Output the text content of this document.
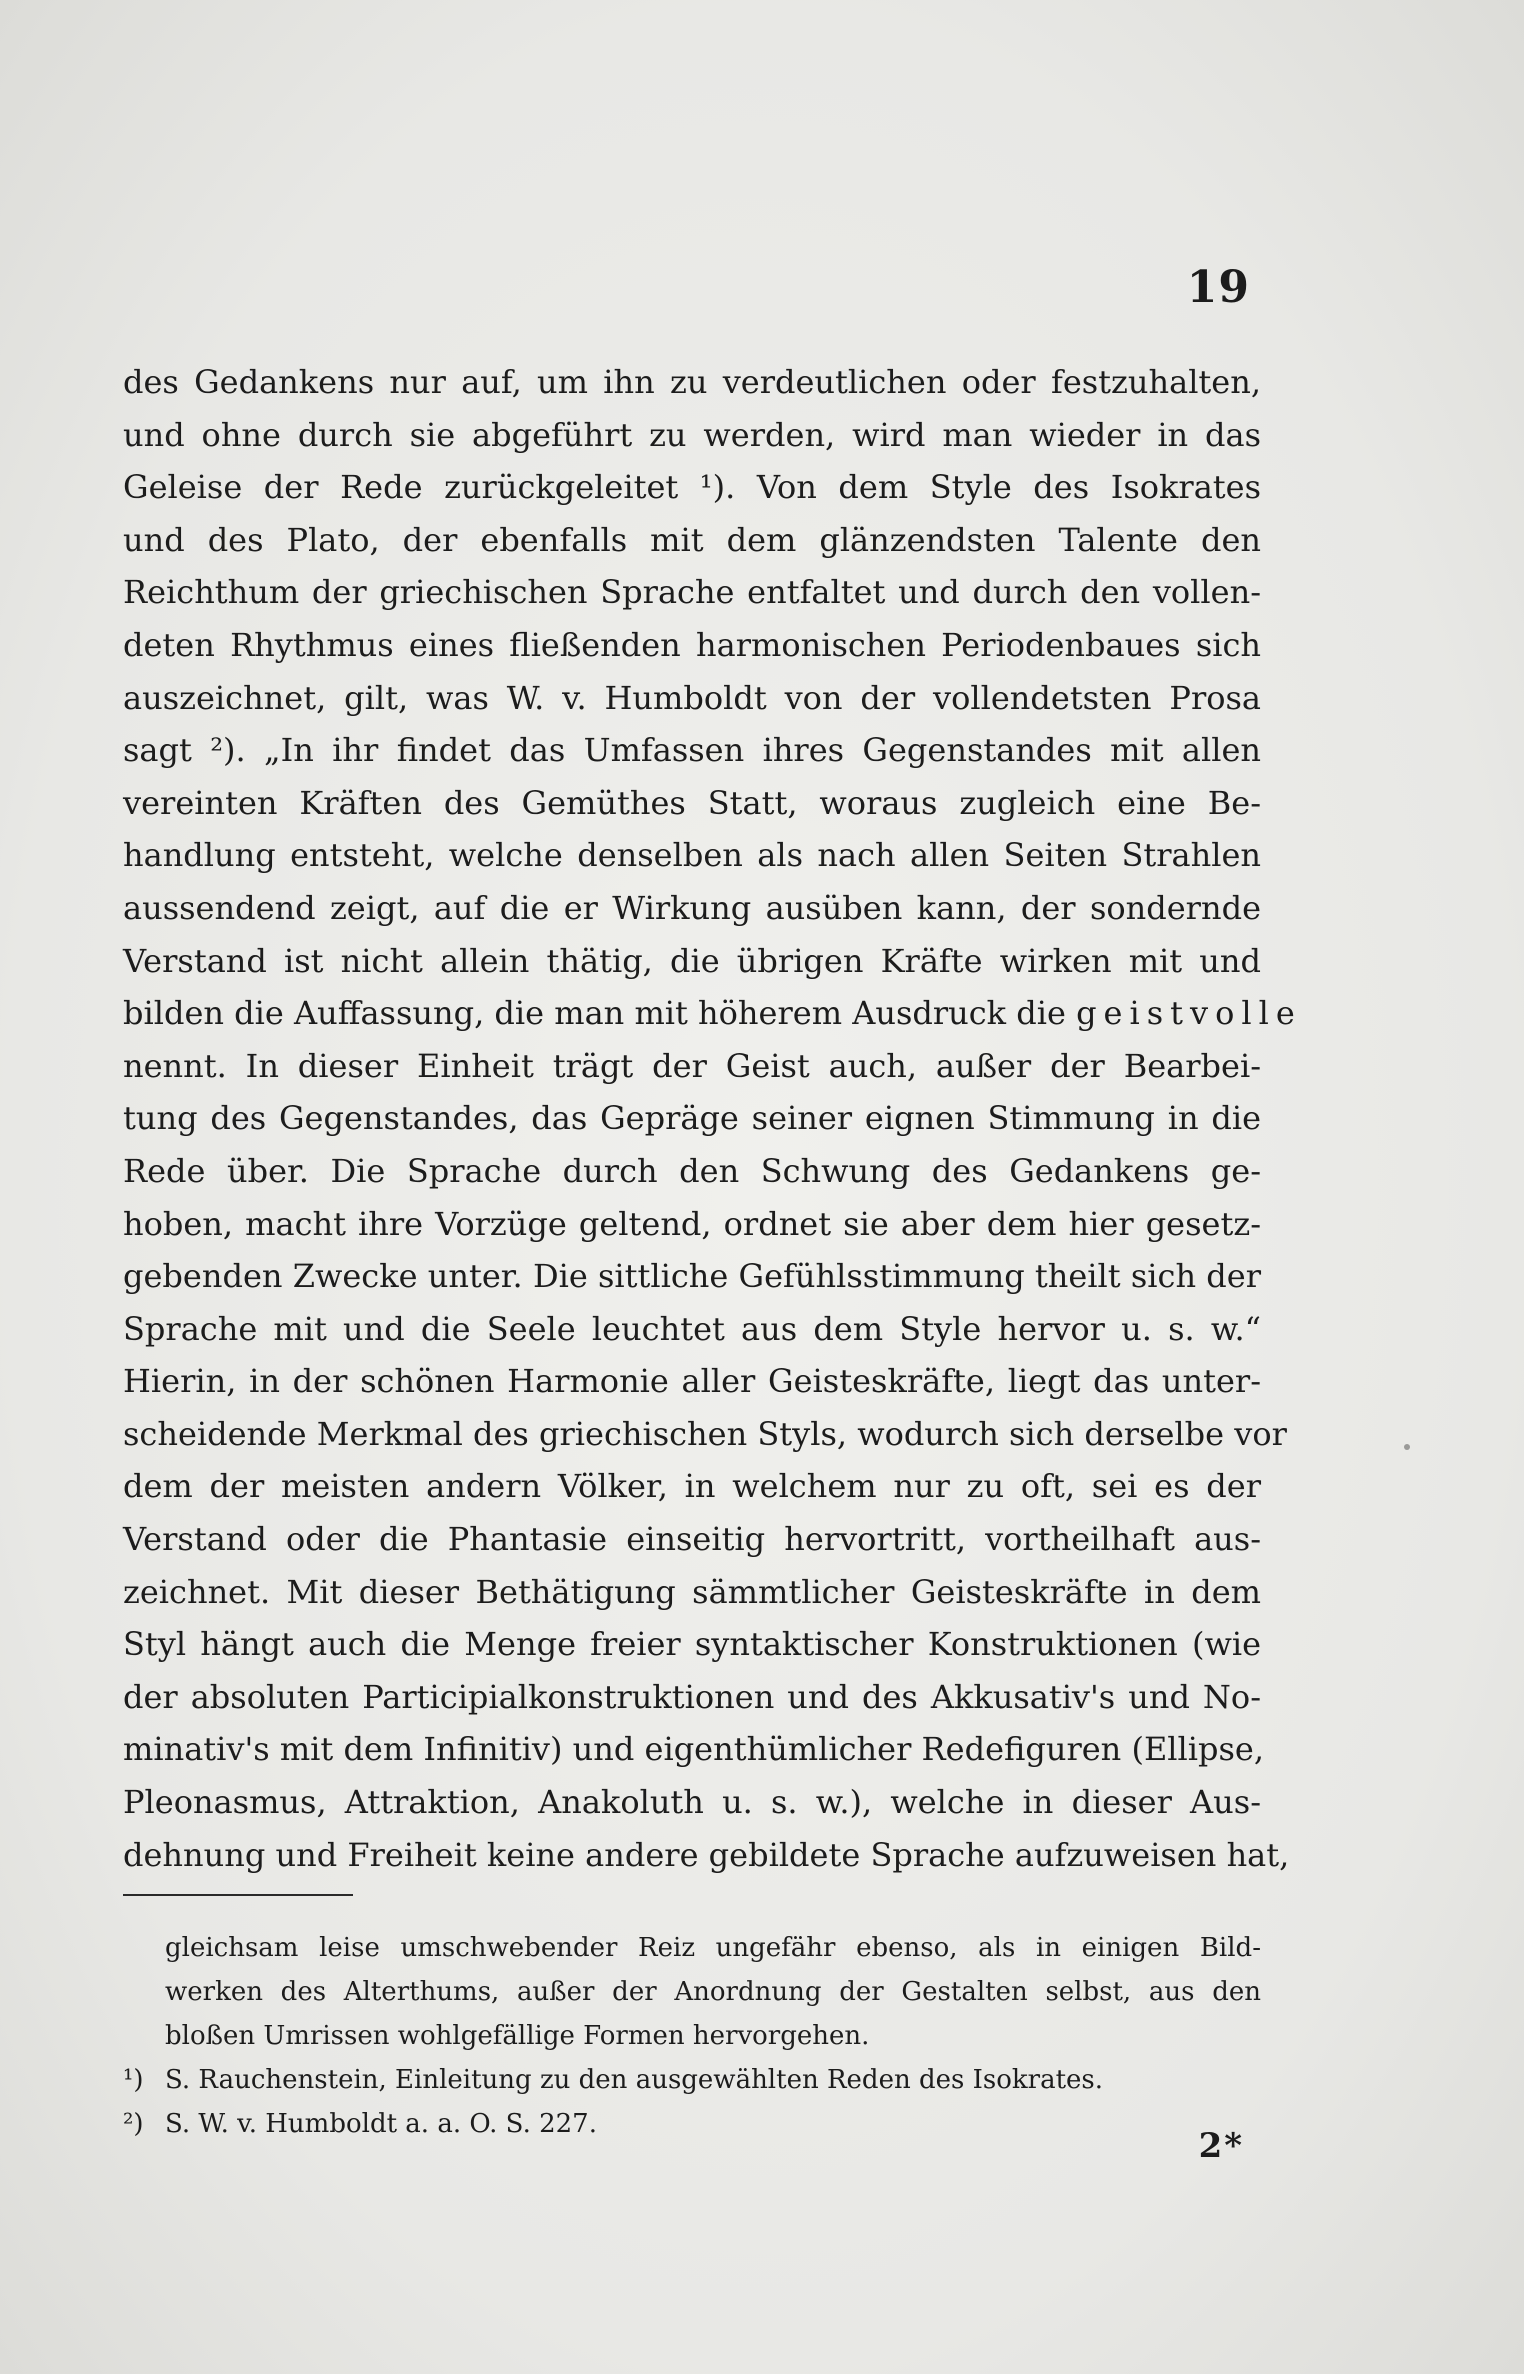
19
des Gedankens nur auf, um ihn zu verdeutlichen oder festzuhalten,
und ohne durch sie abgeführt zu werden, wird man wieder in das
Geleise der Rede zurückgeleitet ¹). Von dem Style des Isokrates
und des Plato, der ebenfalls mit dem glänzendsten Talente den
Reichthum der griechischen Sprache entfaltet und durch den vollen-
deten Rhythmus eines fließenden harmonischen Periodenbaues sich
auszeichnet, gilt, was W. v. Humboldt von der vollendetsten Prosa
sagt ²). „In ihr findet das Umfassen ihres Gegenstandes mit allen
vereinten Kräften des Gemüthes Statt, woraus zugleich eine Be-
handlung entsteht, welche denselben als nach allen Seiten Strahlen
aussendend zeigt, auf die er Wirkung ausüben kann, der sondernde
Verstand ist nicht allein thätig, die übrigen Kräfte wirken mit und
bilden die Auffassung, die man mit höherem Ausdruck die geistvolle
nennt. In dieser Einheit trägt der Geist auch, außer der Bearbei-
tung des Gegenstandes, das Gepräge seiner eignen Stimmung in die
Rede über. Die Sprache durch den Schwung des Gedankens ge-
hoben, macht ihre Vorzüge geltend, ordnet sie aber dem hier gesetz-
gebenden Zwecke unter. Die sittliche Gefühlsstimmung theilt sich der
Sprache mit und die Seele leuchtet aus dem Style hervor u. s. w.“
Hierin, in der schönen Harmonie aller Geisteskräfte, liegt das unter-
scheidende Merkmal des griechischen Styls, wodurch sich derselbe vor
dem der meisten andern Völker, in welchem nur zu oft, sei es der
Verstand oder die Phantasie einseitig hervortritt, vortheilhaft aus-
zeichnet. Mit dieser Bethätigung sämmtlicher Geisteskräfte in dem
Styl hängt auch die Menge freier syntaktischer Konstruktionen (wie
der absoluten Participialkonstruktionen und des Akkusativ's und No-
minativ's mit dem Infinitiv) und eigenthümlicher Redefiguren (Ellipse,
Pleonasmus, Attraktion, Anakoluth u. s. w.), welche in dieser Aus-
dehnung und Freiheit keine andere gebildete Sprache aufzuweisen hat,
gleichsam leise umschwebender Reiz ungefähr ebenso, als in einigen Bild-
werken des Alterthums, außer der Anordnung der Gestalten selbst, aus den
bloßen Umrissen wohlgefällige Formen hervorgehen.
¹) S. Rauchenstein, Einleitung zu den ausgewählten Reden des Isokrates.
²) S. W. v. Humboldt a. a. O. S. 227.
2*
